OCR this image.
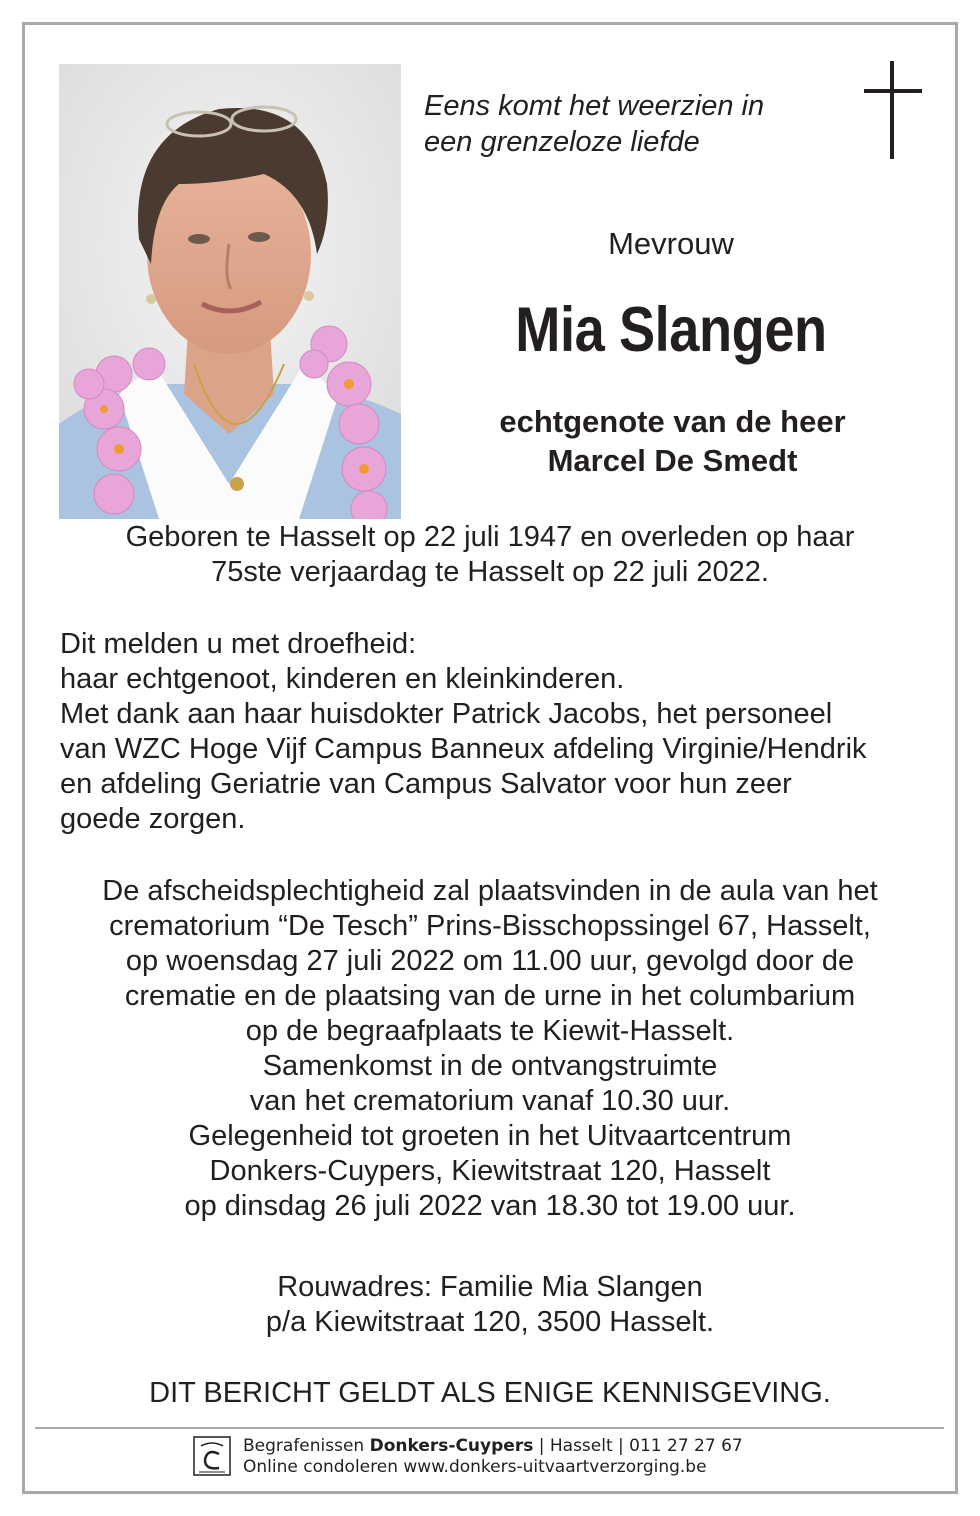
Eens komt het weerzien in
een grenzeloze liefde
Mevrouw
Mia Slangen
echtgenote van de heer
Marcel De Smedt
Geboren te Hasselt op 22 juli 1947 en overleden op haar
75ste verjaardag te Hasselt op 22 juli 2022.
Dit melden u met droefheid:
haar echtgenoot, kinderen en kleinkinderen.
Met dank aan haar huisdokter Patrick Jacobs, het personeel
van WZC Hoge Vijf Campus Banneux afdeling Virginie/Hendrik
en afdeling Geriatrie van Campus Salvator voor hun zeer
goede zorgen.
De afscheidsplechtigheid zal plaatsvinden in de aula van het
crematorium “De Tesch” Prins-Bisschopssingel 67, Hasselt,
op woensdag 27 juli 2022 om 11.00 uur, gevolgd door de
crematie en de plaatsing van de urne in het columbarium
op de begraafplaats te Kiewit-Hasselt.
Samenkomst in de ontvangstruimte
van het crematorium vanaf 10.30 uur.
Gelegenheid tot groeten in het Uitvaartcentrum
Donkers-Cuypers, Kiewitstraat 120, Hasselt
op dinsdag 26 juli 2022 van 18.30 tot 19.00 uur.
Rouwadres: Familie Mia Slangen
p/a Kiewitstraat 120, 3500 Hasselt.
DIT BERICHT GELDT ALS ENIGE KENNISGEVING.
Begrafenissen Donkers-Cuypers | Hasselt | 011 27 27 67
Online condoleren www.donkers-uitvaartverzorging.be
